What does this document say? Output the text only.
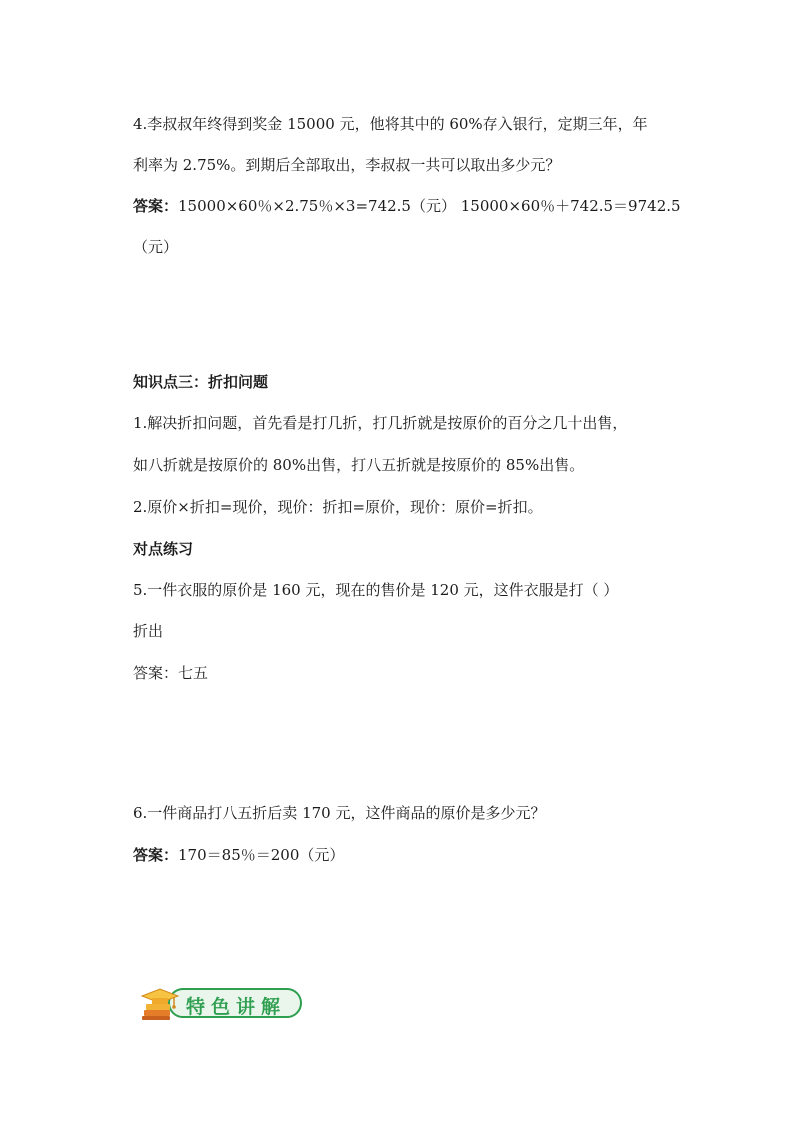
4.李叔叔年终得到奖金 15000 元，他将其中的 60%存入银行，定期三年，年
利率为 2.75%。到期后全部取出，李叔叔一共可以取出多少元？
答案：15000×60％×2.75％×3=742.5（元） 15000×60％＋742.5＝9742.5
（元）
知识点三：折扣问题
1.解决折扣问题，首先看是打几折，打几折就是按原价的百分之几十出售，
如八折就是按原价的 80%出售，打八五折就是按原价的 85%出售。
2.原价×折扣=现价，现价：折扣=原价，现价：原价=折扣。
对点练习
5.一件衣服的原价是 160 元，现在的售价是 120 元，这件衣服是打（ ）
折出
答案：七五
6.一件商品打八五折后卖 170 元，这件商品的原价是多少元？
答案：170＝85％＝200（元）
特色讲解
